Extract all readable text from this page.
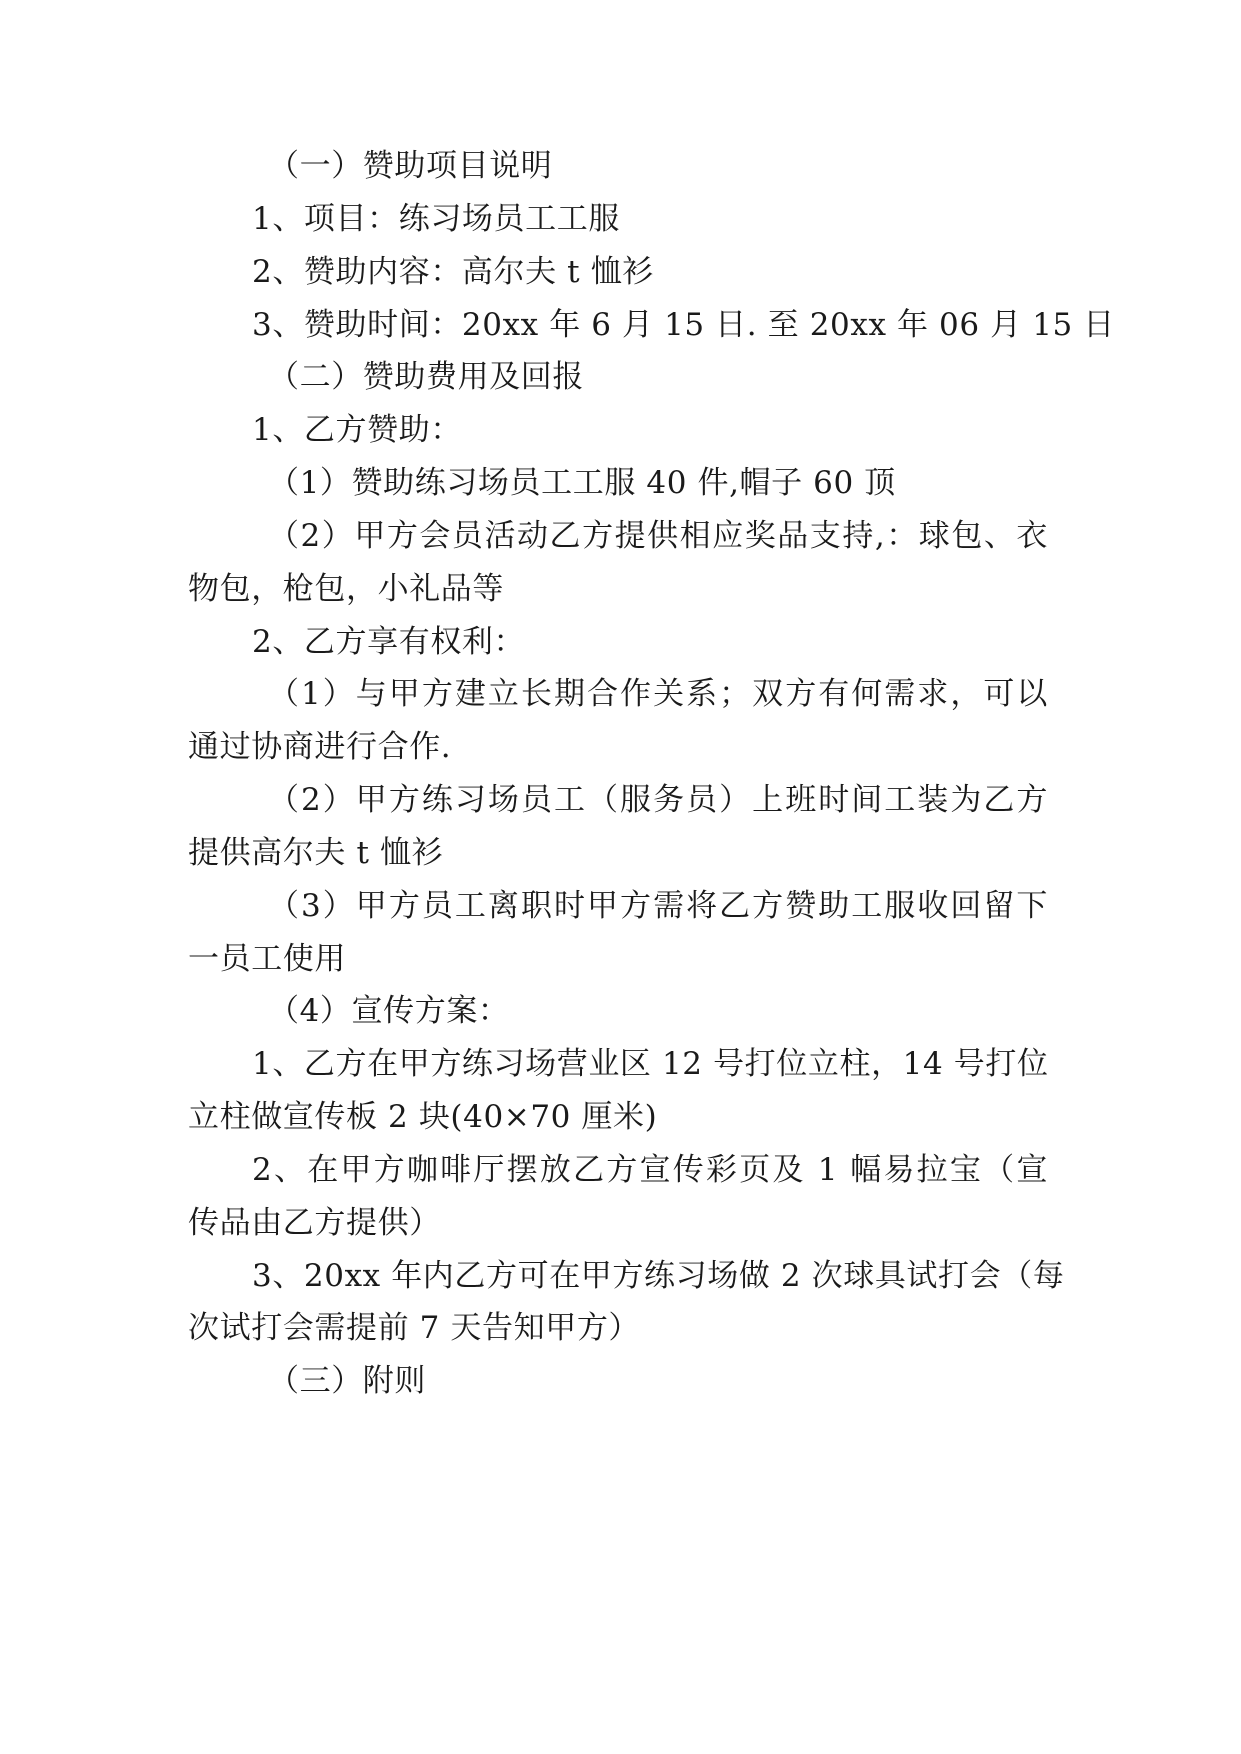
（一）赞助项目说明
1、项目：练习场员工工服
2、赞助内容：高尔夫 t 恤衫
3、赞助时间：20xx 年 6 月 15 日. 至 20xx 年 06 月 15 日
（二）赞助费用及回报
1、乙方赞助：
（1）赞助练习场员工工服 40 件,帽子 60 顶
（2）甲方会员活动乙方提供相应奖品支持,：球包、衣
物包，枪包，小礼品等
2、乙方享有权利：
（1）与甲方建立长期合作关系；双方有何需求，可以
通过协商进行合作.
（2）甲方练习场员工（服务员）上班时间工装为乙方
提供高尔夫 t 恤衫
（3）甲方员工离职时甲方需将乙方赞助工服收回留下
一员工使用
（4）宣传方案：
1、乙方在甲方练习场营业区 12 号打位立柱，14 号打位
立柱做宣传板 2 块(40×70 厘米)
2、在甲方咖啡厅摆放乙方宣传彩页及 1 幅易拉宝（宣
传品由乙方提供）
3、20xx 年内乙方可在甲方练习场做 2 次球具试打会（每
次试打会需提前 7 天告知甲方）
（三）附则
